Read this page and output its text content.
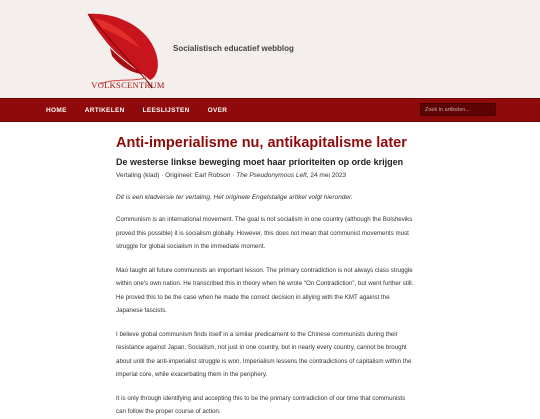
VOLKSCENTRUM
Socialistisch educatief webblog
HOME	ARTIKELEN	LEESLIJSTEN	OVER
Zoek in artikelen...
Anti-imperialisme nu, antikapitalisme later
De westerse linkse beweging moet haar prioriteiten op orde krijgen
Vertaling (klad) · Origineel: Earl Robson · The Pseudonymous Left, 24 mei 2023
Dit is een kladversie ter vertaling. Het originele Engelstalige artikel volgt hieronder.

Communism is an international movement. The goal is not socialism in one country (although the Bolsheviks proved this possible) it is socialism globally. However, this does not mean that communist movements must struggle for global socialism in the immediate moment.

Mao taught all future communists an important lesson. The primary contradiction is not always class struggle within one's own nation. He transcribed this in theory when he wrote “On Contradiction”, but went further still. He proved this to be the case when he made the correct decision in allying with the KMT against the Japanese fascists.

I believe global communism finds itself in a similar predicament to the Chinese communists during their resistance against Japan. Socialism, not just in one country, but in nearly every country, cannot be brought about until the anti-imperialist struggle is won. Imperialism lessens the contradictions of capitalism within the imperial core, while exacerbating them in the periphery.

It is only through identifying and accepting this to be the primary contradiction of our time that communists can follow the proper course of action.
